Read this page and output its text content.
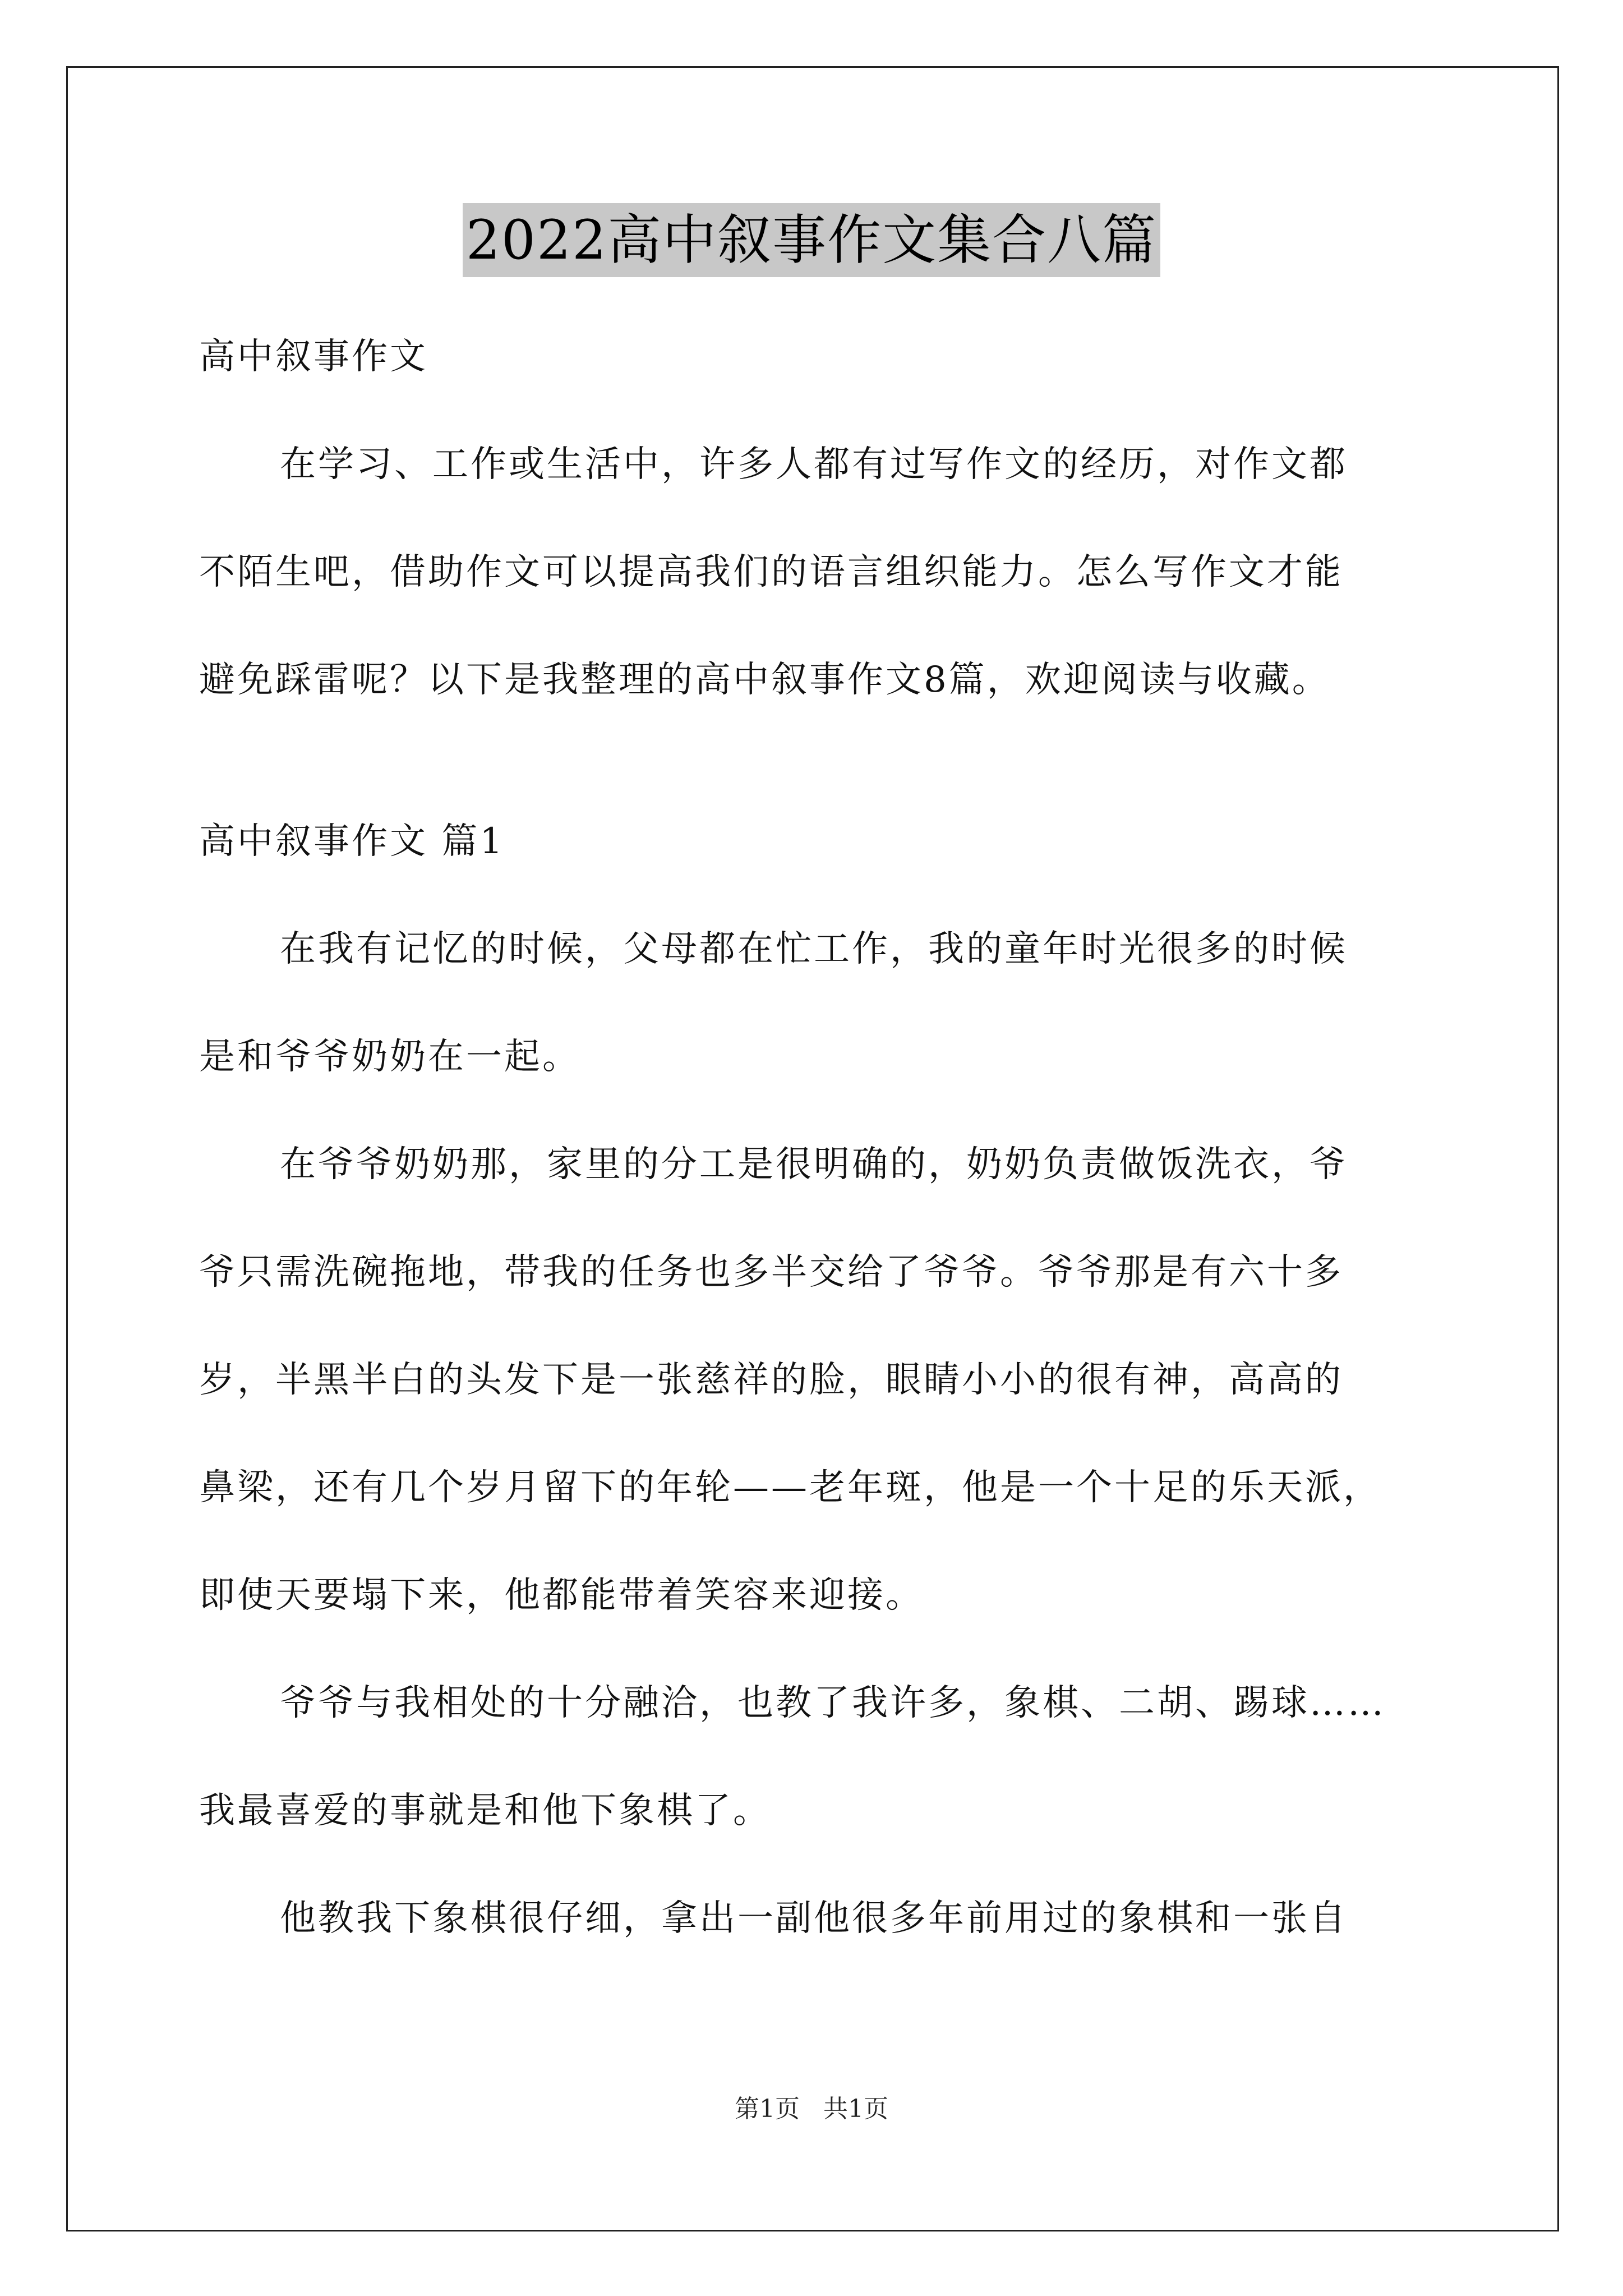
2022高中叙事作文集合八篇

高中叙事作文

在学习、工作或生活中，许多人都有过写作文的经历，对作文都

不陌生吧，借助作文可以提高我们的语言组织能力。怎么写作文才能

避免踩雷呢？以下是我整理的高中叙事作文8篇，欢迎阅读与收藏。

高中叙事作文 篇1

在我有记忆的时候，父母都在忙工作，我的童年时光很多的时候

是和爷爷奶奶在一起。

在爷爷奶奶那，家里的分工是很明确的，奶奶负责做饭洗衣，爷

爷只需洗碗拖地，带我的任务也多半交给了爷爷。爷爷那是有六十多

岁，半黑半白的头发下是一张慈祥的脸，眼睛小小的很有神，高高的

鼻梁，还有几个岁月留下的年轮——老年斑，他是一个十足的乐天派，

即使天要塌下来，他都能带着笑容来迎接。

爷爷与我相处的十分融洽，也教了我许多，象棋、二胡、踢球……

我最喜爱的事就是和他下象棋了。

他教我下象棋很仔细，拿出一副他很多年前用过的象棋和一张自

第1页   共1页
